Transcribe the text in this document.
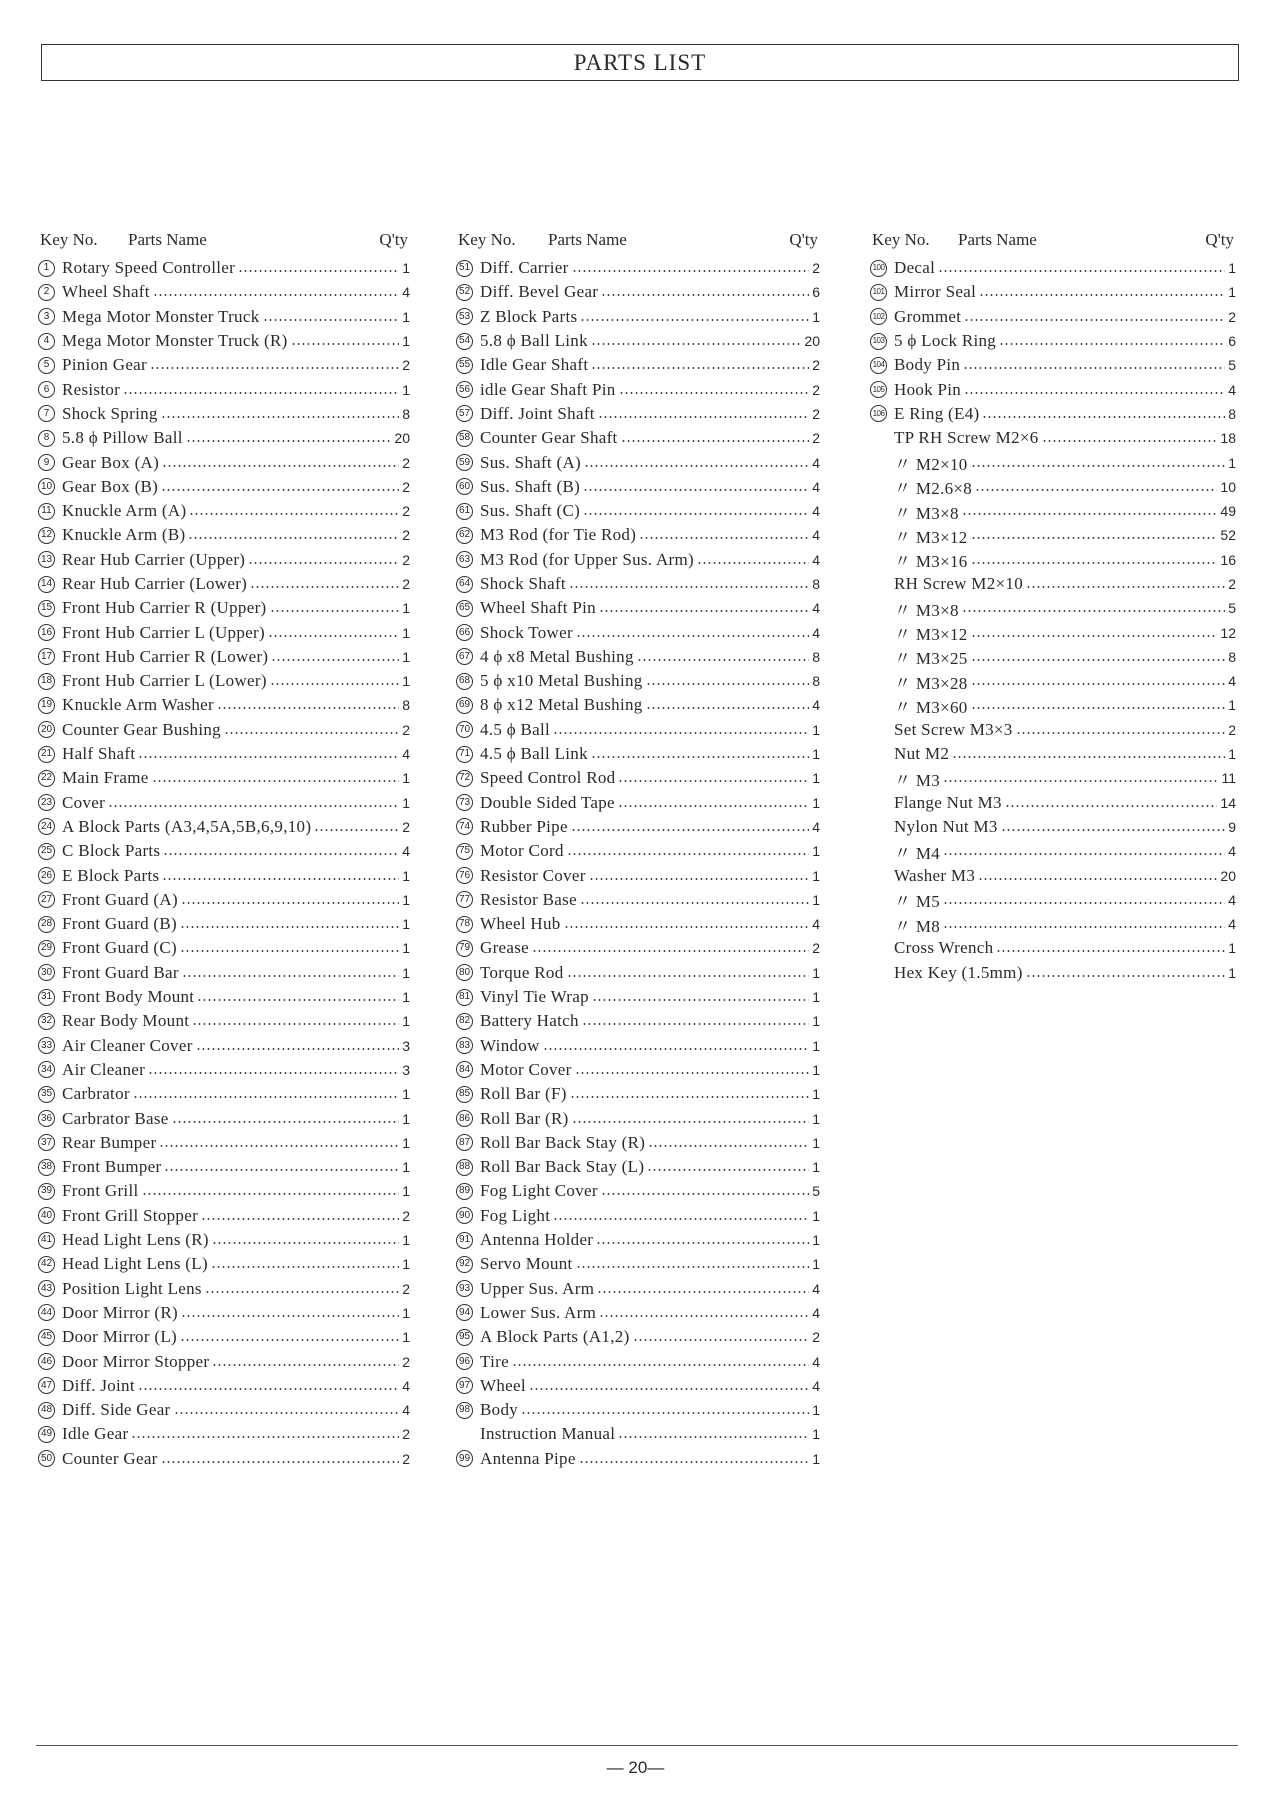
PARTS LIST
Key No. Parts Name	Q'ty
1 Rotary Speed Controller	1
2 Wheel Shaft	4
3 Mega Motor Monster Truck	1
4 Mega Motor Monster Truck (R)	1
5 Pinion Gear	2
6 Resistor	1
7 Shock Spring	8
8 5.8 ϕ Pillow Ball	20
9 Gear Box (A)	2
10 Gear Box (B)	2
11 Knuckle Arm (A)	2
12 Knuckle Arm (B)	2
13 Rear Hub Carrier (Upper)	2
14 Rear Hub Carrier (Lower)	2
15 Front Hub Carrier R (Upper)	1
16 Front Hub Carrier L (Upper)	1
17 Front Hub Carrier R (Lower)	1
18 Front Hub Carrier L (Lower)	1
19 Knuckle Arm Washer	8
20 Counter Gear Bushing	2
21 Half Shaft	4
22 Main Frame	1
23 Cover	1
24 A Block Parts (A3,4,5A,5B,6,9,10)	2
25 C Block Parts	4
26 E Block Parts	1
27 Front Guard (A)	1
28 Front Guard (B)	1
29 Front Guard (C)	1
30 Front Guard Bar	1
31 Front Body Mount	1
32 Rear Body Mount	1
33 Air Cleaner Cover	3
34 Air Cleaner	3
35 Carbrator	1
36 Carbrator Base	1
37 Rear Bumper	1
38 Front Bumper	1
39 Front Grill	1
40 Front Grill Stopper	2
41 Head Light Lens (R)	1
42 Head Light Lens (L)	1
43 Position Light Lens	2
44 Door Mirror (R)	1
45 Door Mirror (L)	1
46 Door Mirror Stopper	2
47 Diff. Joint	4
48 Diff. Side Gear	4
49 Idle Gear	2
50 Counter Gear	2
Key No. Parts Name	Q'ty
51 Diff. Carrier	2
52 Diff. Bevel Gear	6
53 Z Block Parts	1
54 5.8 ϕ Ball Link	20
55 Idle Gear Shaft	2
56 idle Gear Shaft Pin	2
57 Diff. Joint Shaft	2
58 Counter Gear Shaft	2
59 Sus. Shaft (A)	4
60 Sus. Shaft (B)	4
61 Sus. Shaft (C)	4
62 M3 Rod (for Tie Rod)	4
63 M3 Rod (for Upper Sus. Arm)	4
64 Shock Shaft	8
65 Wheel Shaft Pin	4
66 Shock Tower	4
67 4 ϕ x8 Metal Bushing	8
68 5 ϕ x10 Metal Bushing	8
69 8 ϕ x12 Metal Bushing	4
70 4.5 ϕ Ball	1
71 4.5 ϕ Ball Link	1
72 Speed Control Rod	1
73 Double Sided Tape	1
74 Rubber Pipe	4
75 Motor Cord	1
76 Resistor Cover	1
77 Resistor Base	1
78 Wheel Hub	4
79 Grease	2
80 Torque Rod	1
81 Vinyl Tie Wrap	1
82 Battery Hatch	1
83 Window	1
84 Motor Cover	1
85 Roll Bar (F)	1
86 Roll Bar (R)	1
87 Roll Bar Back Stay (R)	1
88 Roll Bar Back Stay (L)	1
89 Fog Light Cover	5
90 Fog Light	1
91 Antenna Holder	1
92 Servo Mount	1
93 Upper Sus. Arm	4
94 Lower Sus. Arm	4
95 A Block Parts (A1,2)	2
96 Tire	4
97 Wheel	4
98 Body	1
Instruction Manual	1
99 Antenna Pipe	1
Key No. Parts Name	Q'ty
100 Decal	1
101 Mirror Seal	1
102 Grommet	2
103 5 ϕ Lock Ring	6
104 Body Pin	5
105 Hook Pin	4
106 E Ring (E4)	8
TP RH Screw M2×6	18
〃 M2×10	1
〃 M2.6×8	10
〃 M3×8	49
〃 M3×12	52
〃 M3×16	16
RH Screw M2×10	2
〃 M3×8	5
〃 M3×12	12
〃 M3×25	8
〃 M3×28	4
〃 M3×60	1
Set Screw M3×3	2
Nut M2	1
〃 M3	11
Flange Nut M3	14
Nylon Nut M3	9
〃 M4	4
Washer M3	20
〃 M5	4
〃 M8	4
Cross Wrench	1
Hex Key (1.5mm)	1
— 20—
